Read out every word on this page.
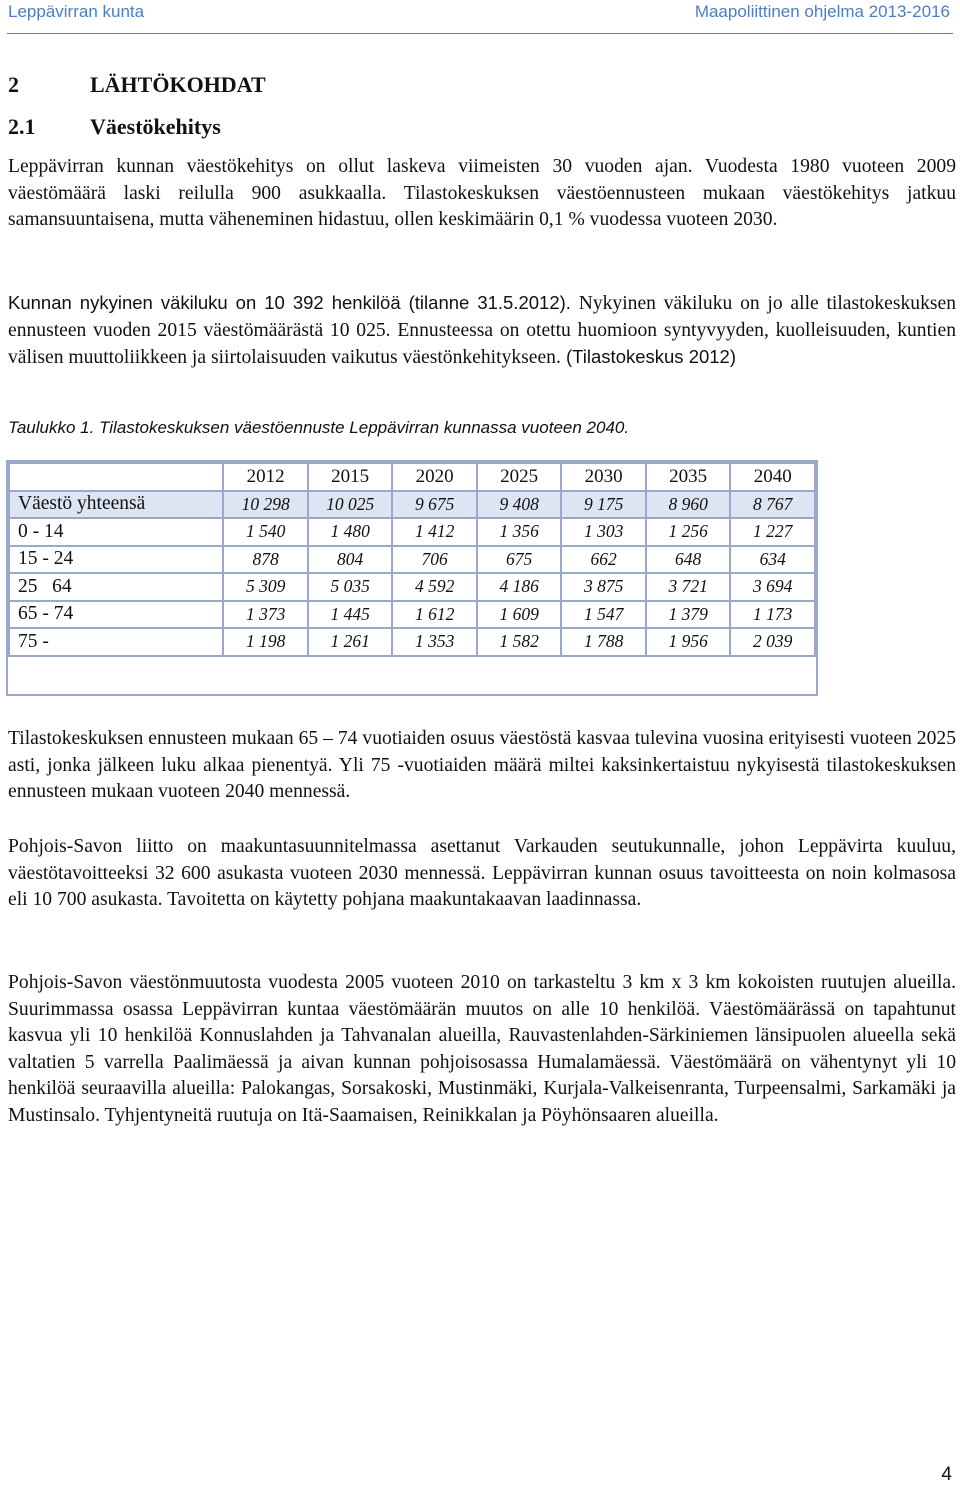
Leppävirran kunta	Maapoliittinen ohjelma 2013-2016
2	LÄHTÖKOHDAT
2.1 Väestökehitys

Leppävirran kunnan väestökehitys on ollut laskeva viimeisten 30 vuoden ajan. Vuodesta 1980 vuoteen 2009 väestömäärä laski reilulla 900 asukkaalla. Tilastokeskuksen väestöennusteen mukaan väestökehitys jatkuu samansuuntaisena, mutta väheneminen hidastuu, ollen keskimäärin 0,1 % vuodessa vuoteen 2030.

Kunnan nykyinen väkiluku on 10 392 henkilöä (tilanne 31.5.2012). Nykyinen väkiluku on jo alle tilastokeskuksen ennusteen vuoden 2015 väestömäärästä 10 025. Ennusteessa on otettu huomioon syntyvyyden, kuolleisuuden, kuntien välisen muuttoliikkeen ja siirtolaisuuden vaikutus väestönkehitykseen. (Tilastokeskus 2012)

Taulukko 1. Tilastokeskuksen väestöennuste Leppävirran kunnassa vuoteen 2040.
	2012	2015	2020	2025	2030	2035	2040
Väestö yhteensä	10 298	10 025	9 675	9 408	9 175	8 960	8 767
0 - 14	1 540	1 480	1 412	1 356	1 303	1 256	1 227
15 - 24	878	804	706	675	662	648	634
25   64	5 309	5 035	4 592	4 186	3 875	3 721	3 694
65 - 74	1 373	1 445	1 612	1 609	1 547	1 379	1 173
75 -	1 198	1 261	1 353	1 582	1 788	1 956	2 039

Tilastokeskuksen ennusteen mukaan 65 – 74 vuotiaiden osuus väestöstä kasvaa tulevina vuosina erityisesti vuoteen 2025 asti, jonka jälkeen luku alkaa pienentyä. Yli 75 -vuotiaiden määrä miltei kaksinkertaistuu nykyisestä tilastokeskuksen ennusteen mukaan vuoteen 2040 mennessä.

Pohjois-Savon liitto on maakuntasuunnitelmassa asettanut Varkauden seutukunnalle, johon Leppävirta kuuluu, väestötavoitteeksi 32 600 asukasta vuoteen 2030 mennessä. Leppävirran kunnan osuus tavoitteesta on noin kolmasosa eli 10 700 asukasta. Tavoitetta on käytetty pohjana maakuntakaavan laadinnassa.

Pohjois-Savon väestönmuutosta vuodesta 2005 vuoteen 2010 on tarkasteltu 3 km x 3 km kokoisten ruutujen alueilla. Suurimmassa osassa Leppävirran kuntaa väestömäärän muutos on alle 10 henkilöä. Väestömäärässä on tapahtunut kasvua yli 10 henkilöä Konnuslahden ja Tahvanalan alueilla, Rauvastenlahden-Särkiniemen länsipuolen alueella sekä valtatien 5 varrella Paalimäessä ja aivan kunnan pohjoisosassa Humalamäessä. Väestömäärä on vähentynyt yli 10 henkilöä seuraavilla alueilla: Palokangas, Sorsakoski, Mustinmäki, Kurjala-Valkeisenranta, Turpeensalmi, Sarkamäki ja Mustinsalo. Tyhjentyneitä ruutuja on Itä-Saamaisen, Reinikkalan ja Pöyhönsaaren alueilla.

4
